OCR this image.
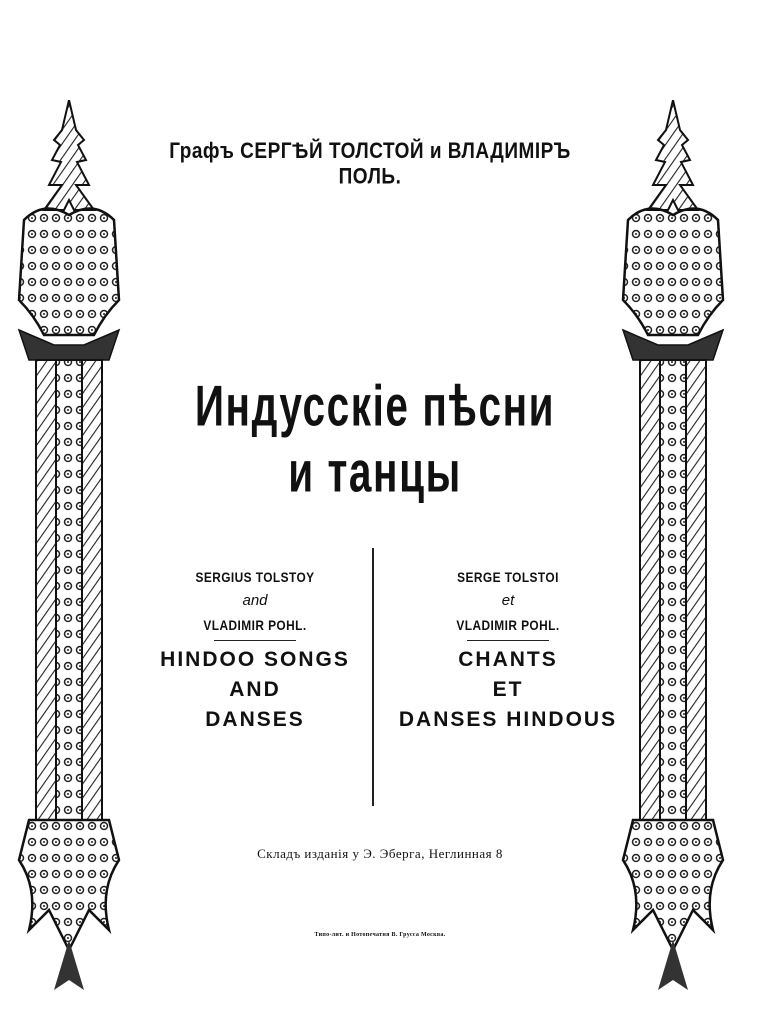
Графъ СЕРГѢЙ ТОЛСТОЙ и ВЛАДИМІРЪ ПОЛЬ.
Индусскіе пѣсни и танцы
SERGIUS TOLSTOY
and
VLADIMIR POHL.
HINDOO SONGS
AND
DANSES
SERGE TOLSTOI
et
VLADIMIR POHL.
CHANTS
ET
DANSES HINDOUS
Складъ изданія у Э. Эберга, Неглинная 8
Типо-лит. и Нотопечатня В. Грусса Москва.
